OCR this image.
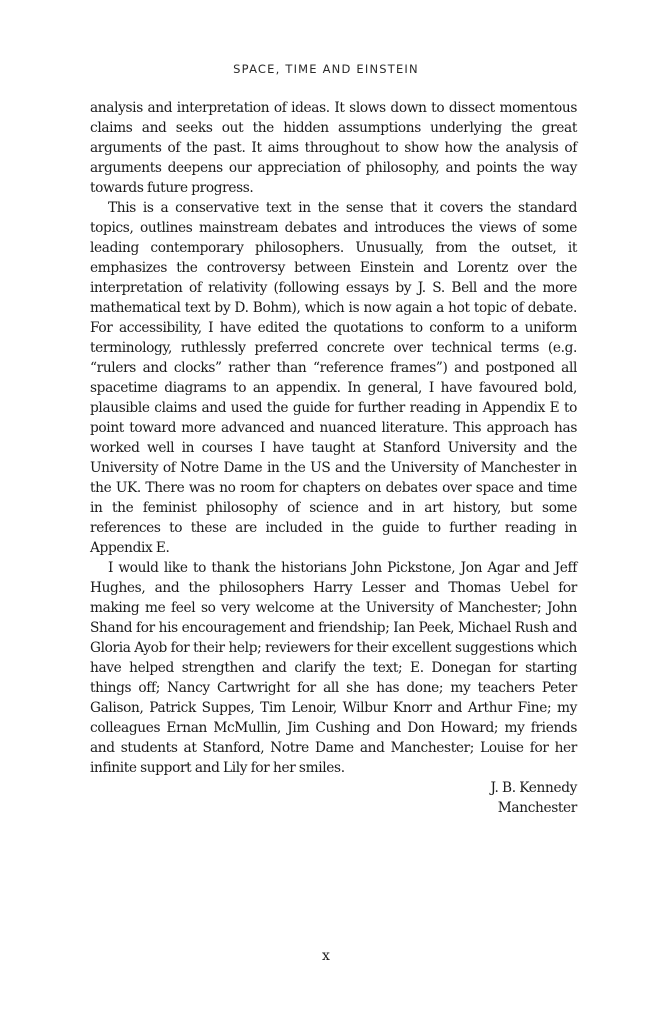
SPACE, TIME AND EINSTEIN

analysis and interpretation of ideas. It slows down to dissect momentous claims and seeks out the hidden assumptions underlying the great arguments of the past. It aims throughout to show how the analysis of arguments deepens our appreciation of philosophy, and points the way towards future progress.

This is a conservative text in the sense that it covers the standard topics, outlines mainstream debates and introduces the views of some leading contemporary philosophers. Unusually, from the outset, it emphasizes the controversy between Einstein and Lorentz over the interpretation of relativity (following essays by J. S. Bell and the more mathematical text by D. Bohm), which is now again a hot topic of debate. For accessibility, I have edited the quotations to conform to a uniform terminology, ruthlessly preferred concrete over technical terms (e.g. “rulers and clocks” rather than “reference frames”) and postponed all spacetime diagrams to an appendix. In general, I have favoured bold, plausible claims and used the guide for further reading in Appendix E to point toward more advanced and nuanced literature. This approach has worked well in courses I have taught at Stanford University and the University of Notre Dame in the US and the University of Manchester in the UK. There was no room for chapters on debates over space and time in the feminist philosophy of science and in art history, but some references to these are included in the guide to further reading in Appendix E.

I would like to thank the historians John Pickstone, Jon Agar and Jeff Hughes, and the philosophers Harry Lesser and Thomas Uebel for making me feel so very welcome at the University of Manchester; John Shand for his encouragement and friendship; Ian Peek, Michael Rush and Gloria Ayob for their help; reviewers for their excellent suggestions which have helped strengthen and clarify the text; E. Donegan for starting things off; Nancy Cartwright for all she has done; my teachers Peter Galison, Patrick Suppes, Tim Lenoir, Wilbur Knorr and Arthur Fine; my colleagues Ernan McMullin, Jim Cushing and Don Howard; my friends and students at Stanford, Notre Dame and Manchester; Louise for her infinite support and Lily for her smiles.

J. B. Kennedy

Manchester

x
